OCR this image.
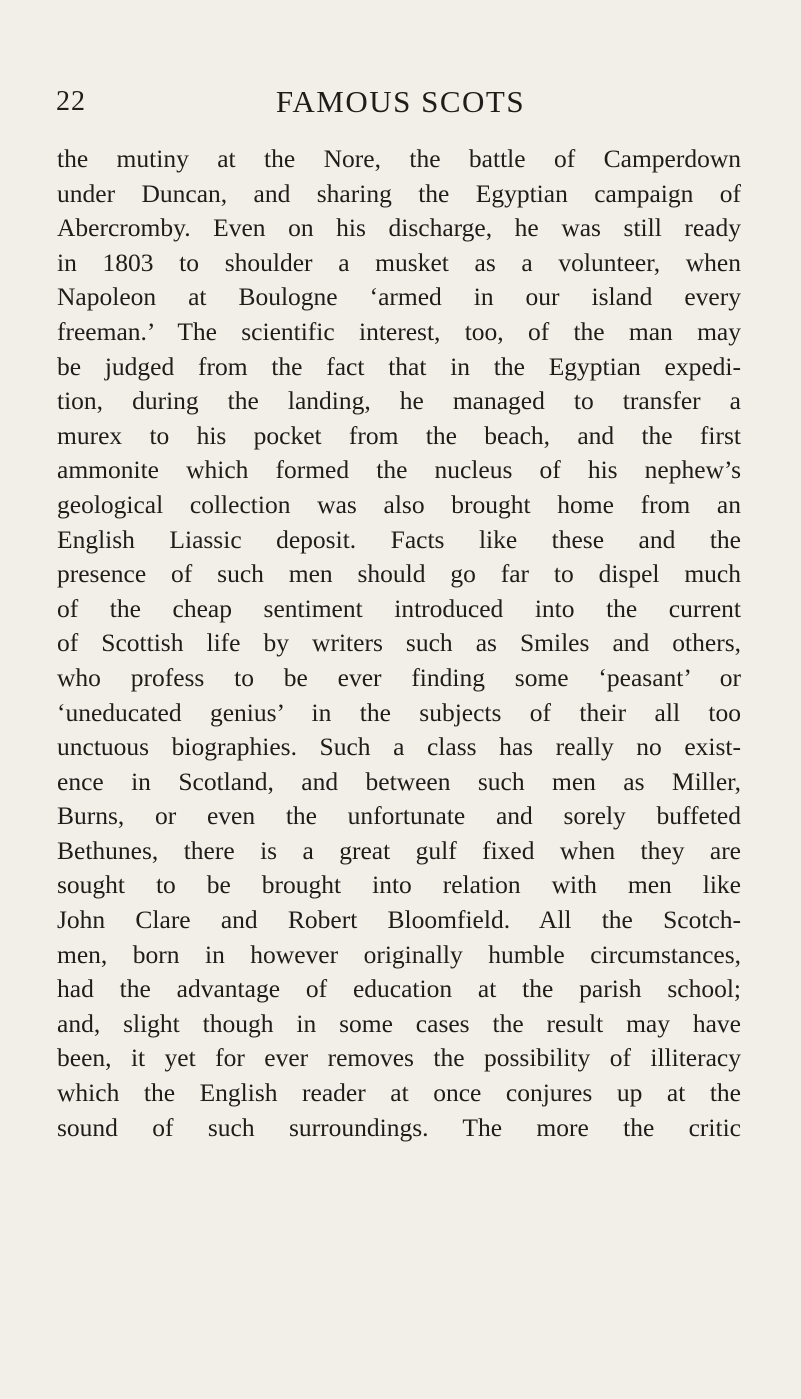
22	FAMOUS SCOTS
the mutiny at the Nore, the battle of Camperdown
under Duncan, and sharing the Egyptian campaign of
Abercromby. Even on his discharge, he was still ready
in 1803 to shoulder a musket as a volunteer, when
Napoleon at Boulogne ‘armed in our island every
freeman.’ The scientific interest, too, of the man may
be judged from the fact that in the Egyptian expedi-
tion, during the landing, he managed to transfer a
murex to his pocket from the beach, and the first
ammonite which formed the nucleus of his nephew’s
geological collection was also brought home from an
English Liassic deposit. Facts like these and the
presence of such men should go far to dispel much
of the cheap sentiment introduced into the current
of Scottish life by writers such as Smiles and others,
who profess to be ever finding some ‘peasant’ or
‘uneducated genius’ in the subjects of their all too
unctuous biographies. Such a class has really no exist-
ence in Scotland, and between such men as Miller,
Burns, or even the unfortunate and sorely buffeted
Bethunes, there is a great gulf fixed when they are
sought to be brought into relation with men like
John Clare and Robert Bloomfield. All the Scotch-
men, born in however originally humble circumstances,
had the advantage of education at the parish school;
and, slight though in some cases the result may have
been, it yet for ever removes the possibility of illiteracy
which the English reader at once conjures up at the
sound of such surroundings. The more the critic
